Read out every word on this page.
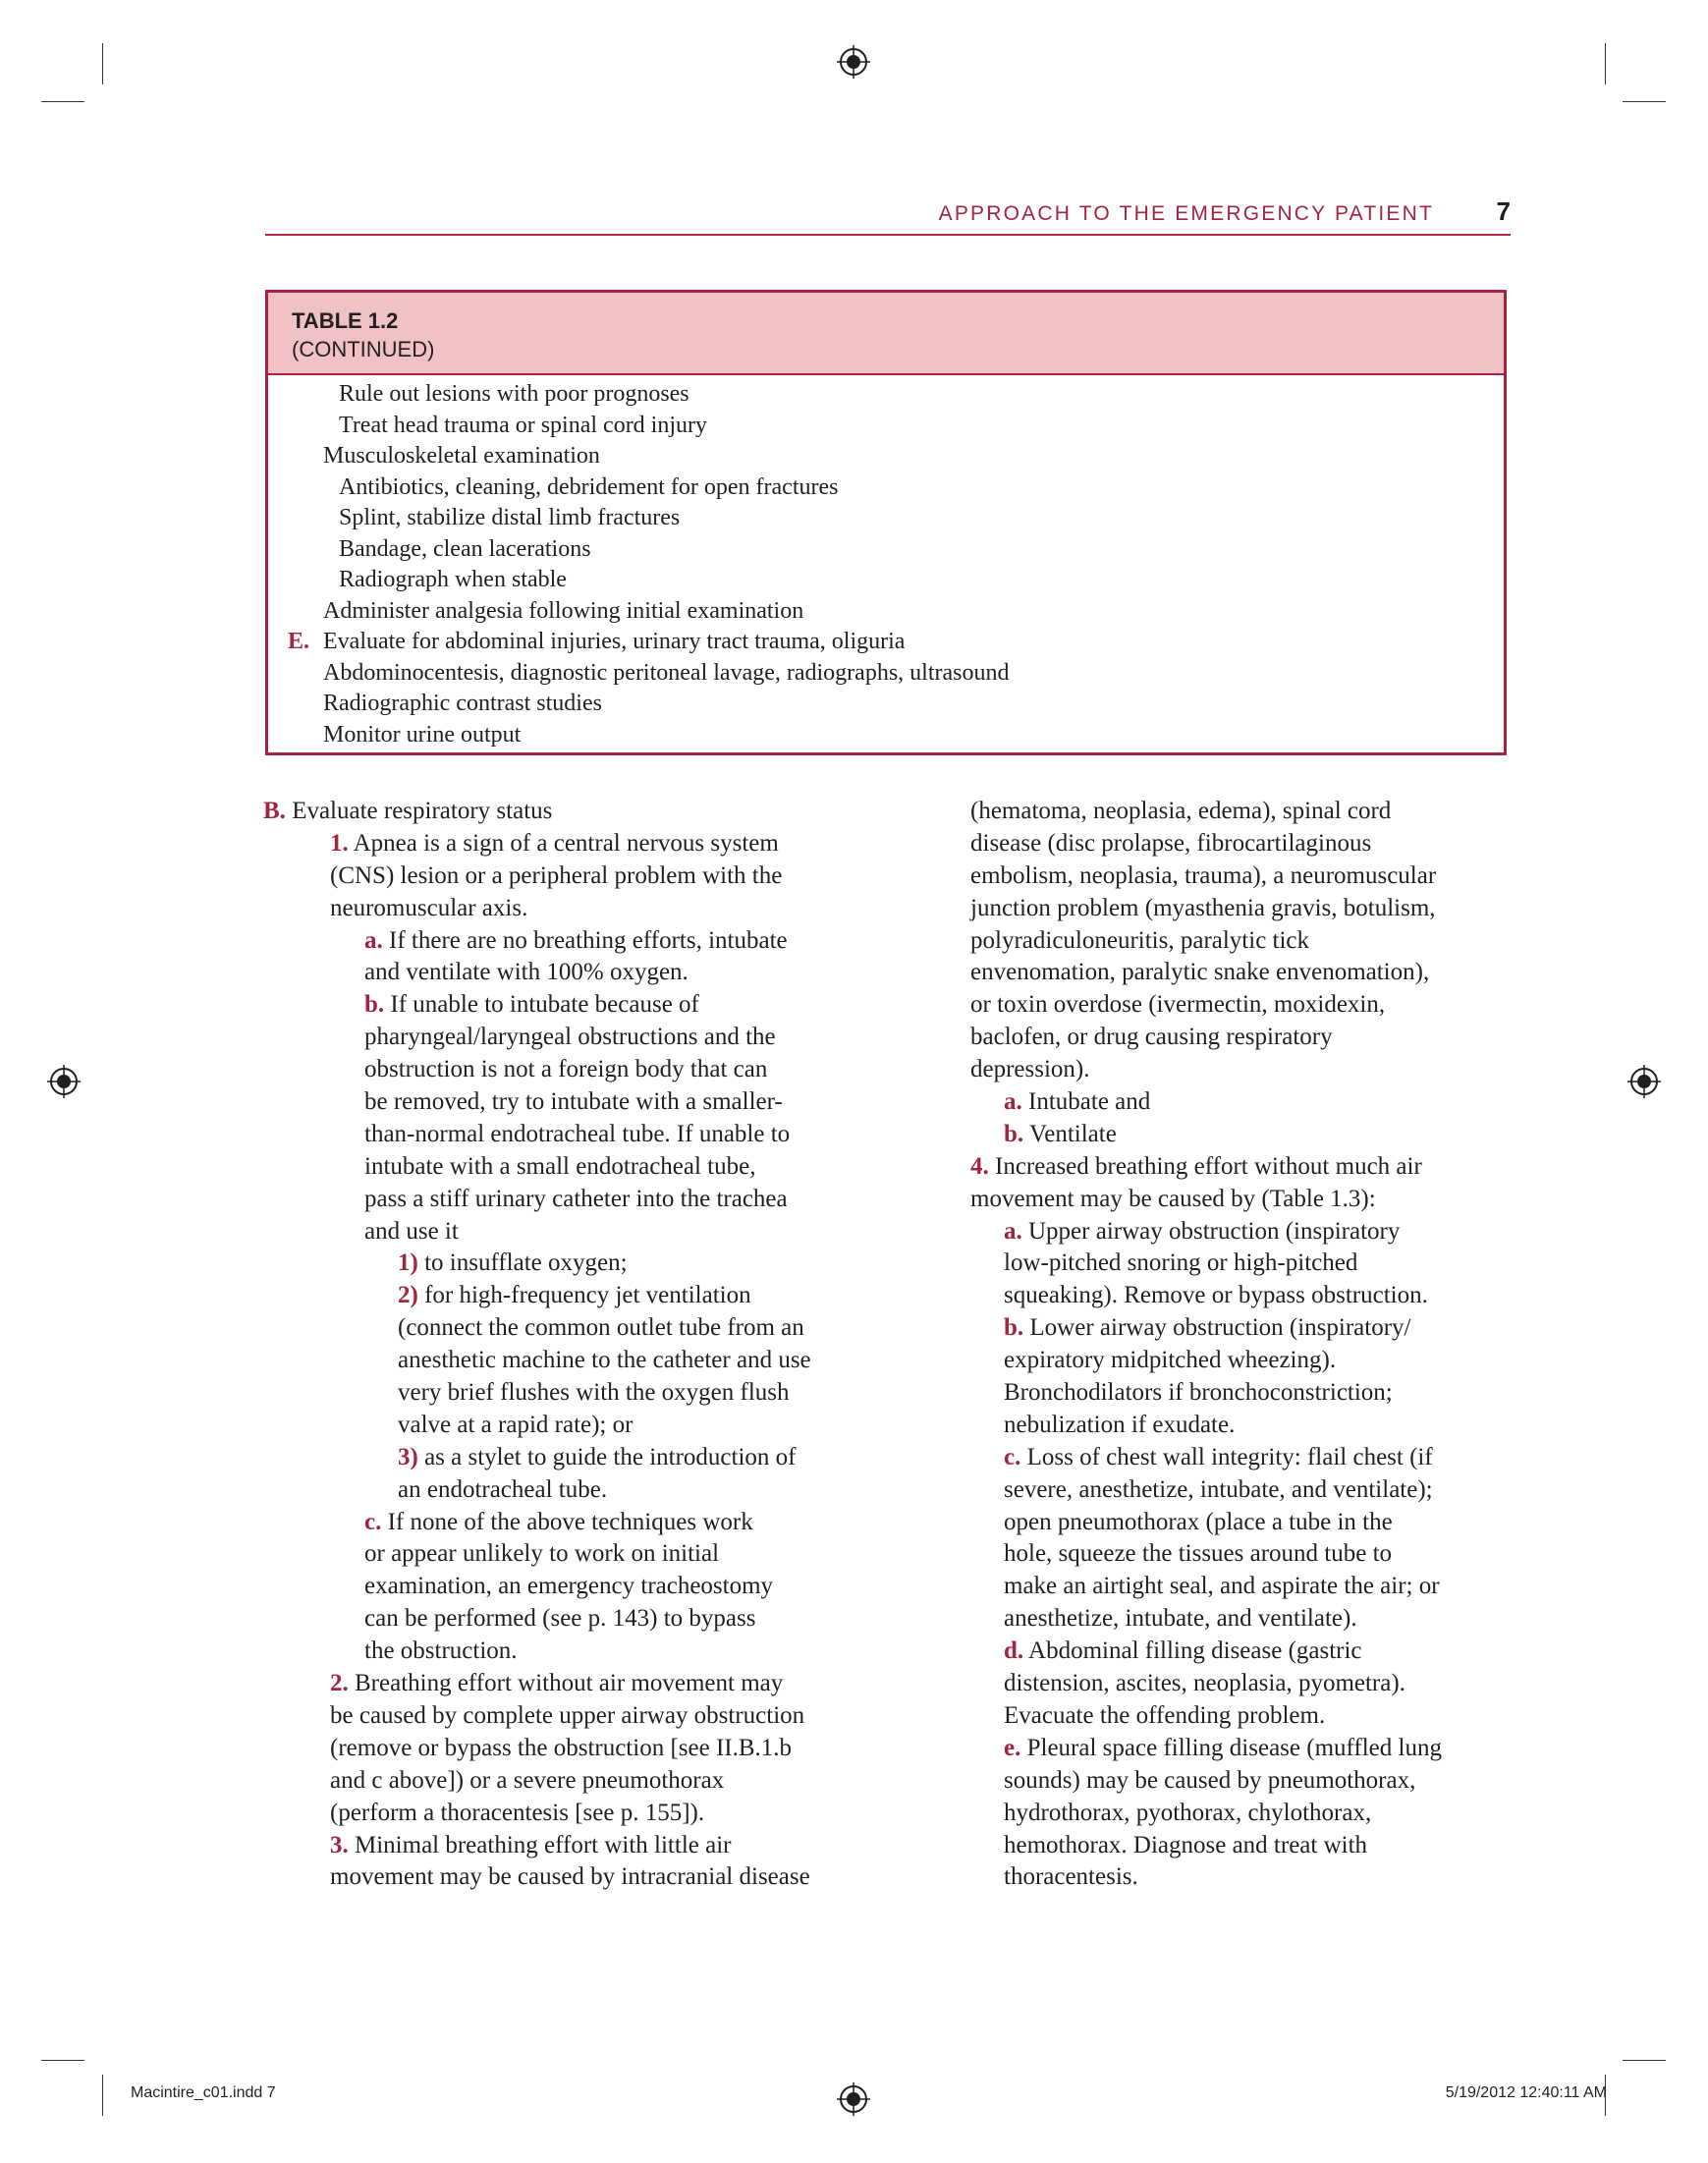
APPROACH TO THE EMERGENCY PATIENT 7
TABLE 1.2
(CONTINUED)
Rule out lesions with poor prognoses
Treat head trauma or spinal cord injury
Musculoskeletal examination
Antibiotics, cleaning, debridement for open fractures
Splint, stabilize distal limb fractures
Bandage, clean lacerations
Radiograph when stable
Administer analgesia following initial examination
E. Evaluate for abdominal injuries, urinary tract trauma, oliguria
Abdominocentesis, diagnostic peritoneal lavage, radiographs, ultrasound
Radiographic contrast studies
Monitor urine output
B. Evaluate respiratory status
1. Apnea is a sign of a central nervous system
(CNS) lesion or a peripheral problem with the
neuromuscular axis.
a. If there are no breathing efforts, intubate
and ventilate with 100% oxygen.
b. If unable to intubate because of
pharyngeal/laryngeal obstructions and the
obstruction is not a foreign body that can
be removed, try to intubate with a smaller-
than-normal endotracheal tube. If unable to
intubate with a small endotracheal tube,
pass a stiff urinary catheter into the trachea
and use it
1) to insufflate oxygen;
2) for high-frequency jet ventilation
(connect the common outlet tube from an
anesthetic machine to the catheter and use
very brief flushes with the oxygen flush
valve at a rapid rate); or
3) as a stylet to guide the introduction of
an endotracheal tube.
c. If none of the above techniques work
or appear unlikely to work on initial
examination, an emergency tracheostomy
can be performed (see p. 143) to bypass
the obstruction.
2. Breathing effort without air movement may
be caused by complete upper airway obstruction
(remove or bypass the obstruction [see II.B.1.b
and c above]) or a severe pneumothorax
(perform a thoracentesis [see p. 155]).
3. Minimal breathing effort with little air
movement may be caused by intracranial disease
(hematoma, neoplasia, edema), spinal cord
disease (disc prolapse, fibrocartilaginous
embolism, neoplasia, trauma), a neuromuscular
junction problem (myasthenia gravis, botulism,
polyradiculoneuritis, paralytic tick
envenomation, paralytic snake envenomation),
or toxin overdose (ivermectin, moxidexin,
baclofen, or drug causing respiratory
depression).
a. Intubate and
b. Ventilate
4. Increased breathing effort without much air
movement may be caused by (Table 1.3):
a. Upper airway obstruction (inspiratory
low-pitched snoring or high-pitched
squeaking). Remove or bypass obstruction.
b. Lower airway obstruction (inspiratory/
expiratory midpitched wheezing).
Bronchodilators if bronchoconstriction;
nebulization if exudate.
c. Loss of chest wall integrity: flail chest (if
severe, anesthetize, intubate, and ventilate);
open pneumothorax (place a tube in the
hole, squeeze the tissues around tube to
make an airtight seal, and aspirate the air; or
anesthetize, intubate, and ventilate).
d. Abdominal filling disease (gastric
distension, ascites, neoplasia, pyometra).
Evacuate the offending problem.
e. Pleural space filling disease (muffled lung
sounds) may be caused by pneumothorax,
hydrothorax, pyothorax, chylothorax,
hemothorax. Diagnose and treat with
thoracentesis.
Macintire_c01.indd 7	5/19/2012 12:40:11 AM
